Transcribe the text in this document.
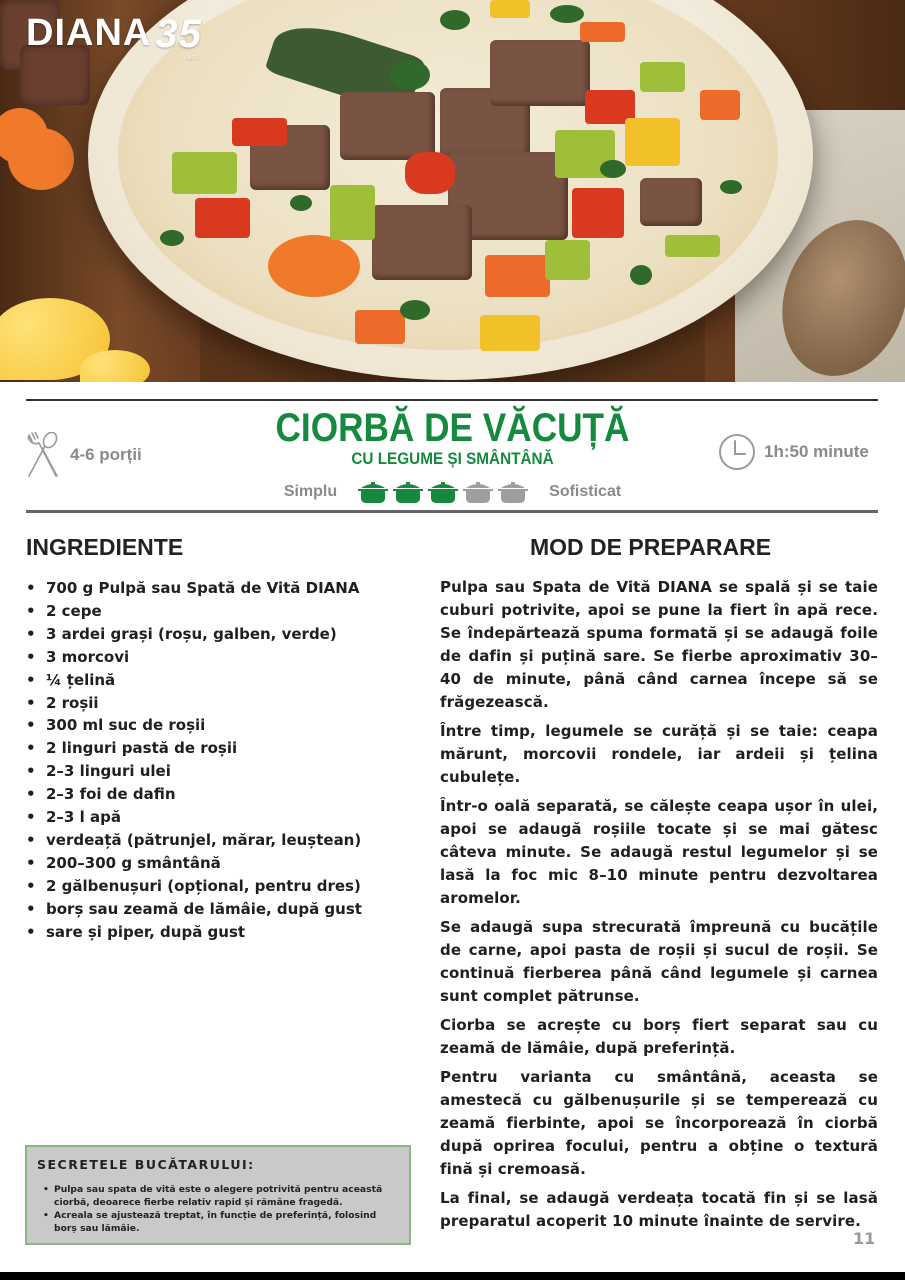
DIANA 35
ani
4-6 porții
CIORBĂ DE VĂCUȚĂ
CU LEGUME ȘI SMÂNTÂNĂ	1h:50 minute
Simplu	Sofisticat
INGREDIENTE
• 700 g Pulpă sau Spată de Vită DIANA
• 2 cepe
• 3 ardei grași (roșu, galben, verde)
• 3 morcovi
• ¼ țelină
• 2 roșii
• 300 ml suc de roșii
• 2 linguri pastă de roșii
• 2–3 linguri ulei
• 2–3 foi de dafin
• 2–3 l apă
• verdeață (pătrunjel, mărar, leuștean)
• 200–300 g smântână
• 2 gălbenușuri (opțional, pentru dres)
• borș sau zeamă de lămâie, după gust
• sare și piper, după gust
MOD DE PREPARARE

Pulpa sau Spata de Vită DIANA se spală și se taie cuburi potrivite, apoi se pune la fiert în apă rece. Se îndepărtează spuma formată și se adaugă foile de dafin și puțină sare. Se fierbe aproximativ 30–40 de minute, până când carnea începe să se frăgezească.

Între timp, legumele se curăță și se taie: ceapa mărunt, morcovii rondele, iar ardeii și țelina cubulețe.

Într-o oală separată, se călește ceapa ușor în ulei, apoi se adaugă roșiile tocate și se mai gătesc câteva minute. Se adaugă restul legumelor și se lasă la foc mic 8–10 minute pentru dezvoltarea aromelor.

Se adaugă supa strecurată împreună cu bucățile de carne, apoi pasta de roșii și sucul de roșii. Se continuă fierberea până când legumele și carnea sunt complet pătrunse.

Ciorba se acrește cu borș fiert separat sau cu zeamă de lămâie, după preferință.

Pentru varianta cu smântână, aceasta se amestecă cu gălbenușurile și se temperează cu zeamă fierbinte, apoi se încorporează în ciorbă după oprirea focului, pentru a obține o textură fină și cremoasă.

La final, se adaugă verdeața tocată fin și se lasă preparatul acoperit 10 minute înainte de servire.

SECRETELE BUCĂTARULUI:
• Pulpa sau spata de vită este o alegere potrivită pentru această ciorbă, deoarece fierbe relativ rapid și rămâne fragedă.
• Acreala se ajustează treptat, în funcție de preferință, folosind borș sau lămâie.
11
